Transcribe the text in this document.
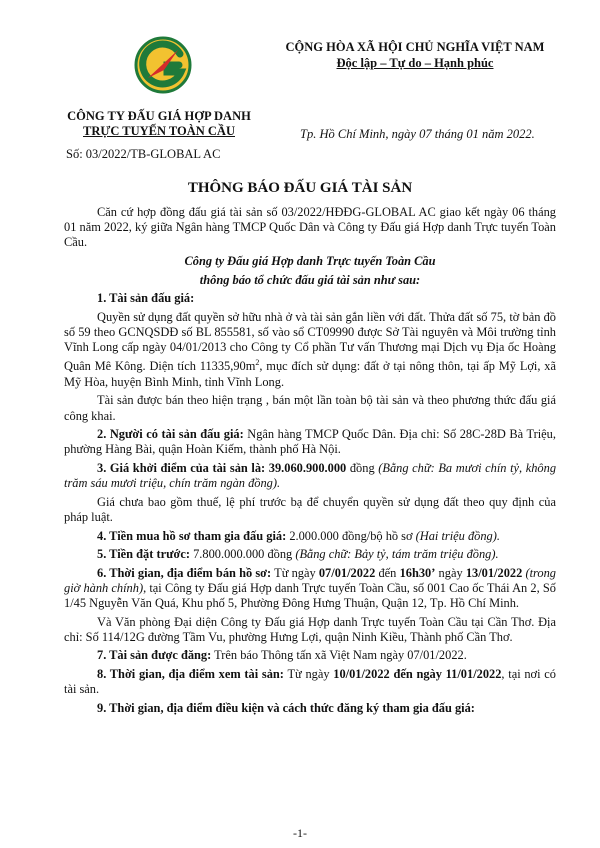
CỘNG HÒA XÃ HỘI CHỦ NGHĨA VIỆT NAM
Độc lập – Tự do – Hạnh phúc
CÔNG TY ĐẤU GIÁ HỢP DANH
TRỰC TUYẾN TOÀN CẦU
Số: 03/2022/TB-GLOBAL AC
Tp. Hồ Chí Minh, ngày 07 tháng 01 năm 2022.
THÔNG BÁO ĐẤU GIÁ TÀI SẢN

Căn cứ hợp đồng đấu giá tài sản số 03/2022/HĐĐG-GLOBAL AC giao kết ngày 06 tháng 01 năm 2022, ký giữa Ngân hàng TMCP Quốc Dân và Công ty Đấu giá Hợp danh Trực tuyến Toàn Cầu.

Công ty Đấu giá Hợp danh Trực tuyến Toàn Cầu

thông báo tổ chức đấu giá tài sản như sau:

1. Tài sản đấu giá:

Quyền sử dụng đất quyền sở hữu nhà ở và tài sản gắn liền với đất. Thửa đất số 75, tờ bản đồ số 59 theo GCNQSDĐ số BL 855581, số vào sổ CT09990 được Sở Tài nguyên và Môi trường tỉnh Vĩnh Long cấp ngày 04/01/2013 cho Công ty Cổ phần Tư vấn Thương mại Dịch vụ Địa ốc Hoàng Quân Mê Kông. Diện tích $11335,90m^2$, mục đích sử dụng: đất ở tại nông thôn, tại ấp Mỹ Lợi, xã Mỹ Hòa, huyện Bình Minh, tỉnh Vĩnh Long.

Tài sản được bán theo hiện trạng , bán một lần toàn bộ tài sản và theo phương thức đấu giá công khai.

2. Người có tài sản đấu giá: Ngân hàng TMCP Quốc Dân. Địa chỉ: Số 28C-28D Bà Triệu, phường Hàng Bài, quận Hoàn Kiếm, thành phố Hà Nội.

3. Giá khởi điểm của tài sản là: 39.060.900.000 đồng (Bằng chữ: Ba mươi chín tỷ, không trăm sáu mươi triệu, chín trăm ngàn đồng).

Giá chưa bao gồm thuế, lệ phí trước bạ để chuyển quyền sử dụng đất theo quy định của pháp luật.

4. Tiền mua hồ sơ tham gia đấu giá: 2.000.000 đồng/bộ hồ sơ (Hai triệu đồng).

5. Tiền đặt trước: 7.800.000.000 đồng (Bằng chữ: Bảy tỷ, tám trăm triệu đồng).

6. Thời gian, địa điểm bán hồ sơ: Từ ngày 07/01/2022 đến 16h30’ ngày 13/01/2022 (trong giờ hành chính), tại Công ty Đấu giá Hợp danh Trực tuyến Toàn Cầu, số 001 Cao ốc Thái An 2, Số 1/45 Nguyễn Văn Quá, Khu phố 5, Phường Đông Hưng Thuận, Quận 12, Tp. Hồ Chí Minh.

Và Văn phòng Đại diện Công ty Đấu giá Hợp danh Trực tuyến Toàn Cầu tại Cần Thơ. Địa chỉ: Số 114/12G đường Tầm Vu, phường Hưng Lợi, quận Ninh Kiều, Thành phố Cần Thơ.

7. Tài sản được đăng: Trên báo Thông tấn xã Việt Nam ngày 07/01/2022.

8. Thời gian, địa điểm xem tài sản: Từ ngày 10/01/2022 đến ngày 11/01/2022, tại nơi có tài sản.

9. Thời gian, địa điểm điều kiện và cách thức đăng ký tham gia đấu giá:

-1-
